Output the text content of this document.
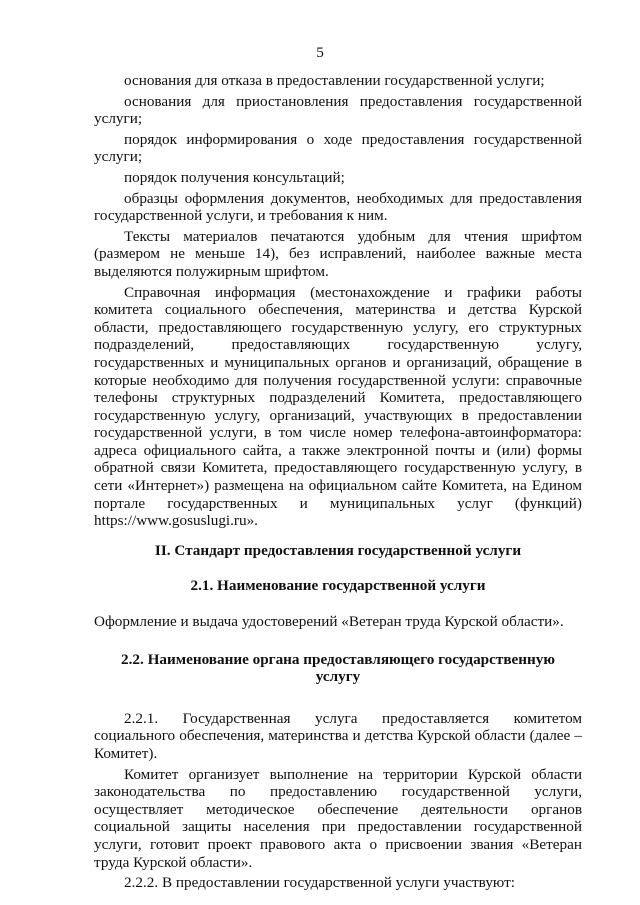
5

основания для отказа в предоставлении государственной услуги;

основания для приостановления предоставления государственной услуги;

порядок информирования о ходе предоставления государственной услуги;

порядок получения консультаций;

образцы оформления документов, необходимых для предоставления государственной услуги, и требования к ним.

Тексты материалов печатаются удобным для чтения шрифтом (размером не меньше 14), без исправлений, наиболее важные места выделяются полужирным шрифтом.

Справочная информация (местонахождение и графики работы комитета социального обеспечения, материнства и детства Курской области, предоставляющего государственную услугу, его структурных подразделений, предоставляющих государственную услугу, государственных и муниципальных органов и организаций, обращение в которые необходимо для получения государственной услуги: справочные телефоны структурных подразделений Комитета, предоставляющего государственную услугу, организаций, участвующих в предоставлении государственной услуги, в том числе номер телефона-автоинформатора: адреса официального сайта, а также электронной почты и (или) формы обратной связи Комитета, предоставляющего государственную услугу, в сети «Интернет») размещена на официальном сайте Комитета, на Едином портале государственных и муниципальных услуг (функций) https://www.gosuslugi.ru».

II. Стандарт предоставления государственной услуги

2.1. Наименование государственной услуги

Оформление и выдача удостоверений «Ветеран труда Курской области».

2.2. Наименование органа предоставляющего государственную

услугу

2.2.1. Государственная услуга предоставляется комитетом социального обеспечения, материнства и детства Курской области (далее – Комитет).

Комитет организует выполнение на территории Курской области законодательства по предоставлению государственной услуги, осуществляет методическое обеспечение деятельности органов социальной защиты населения при предоставлении государственной услуги, готовит проект правового акта о присвоении звания «Ветеран труда Курской области».

2.2.2. В предоставлении государственной услуги участвуют:
